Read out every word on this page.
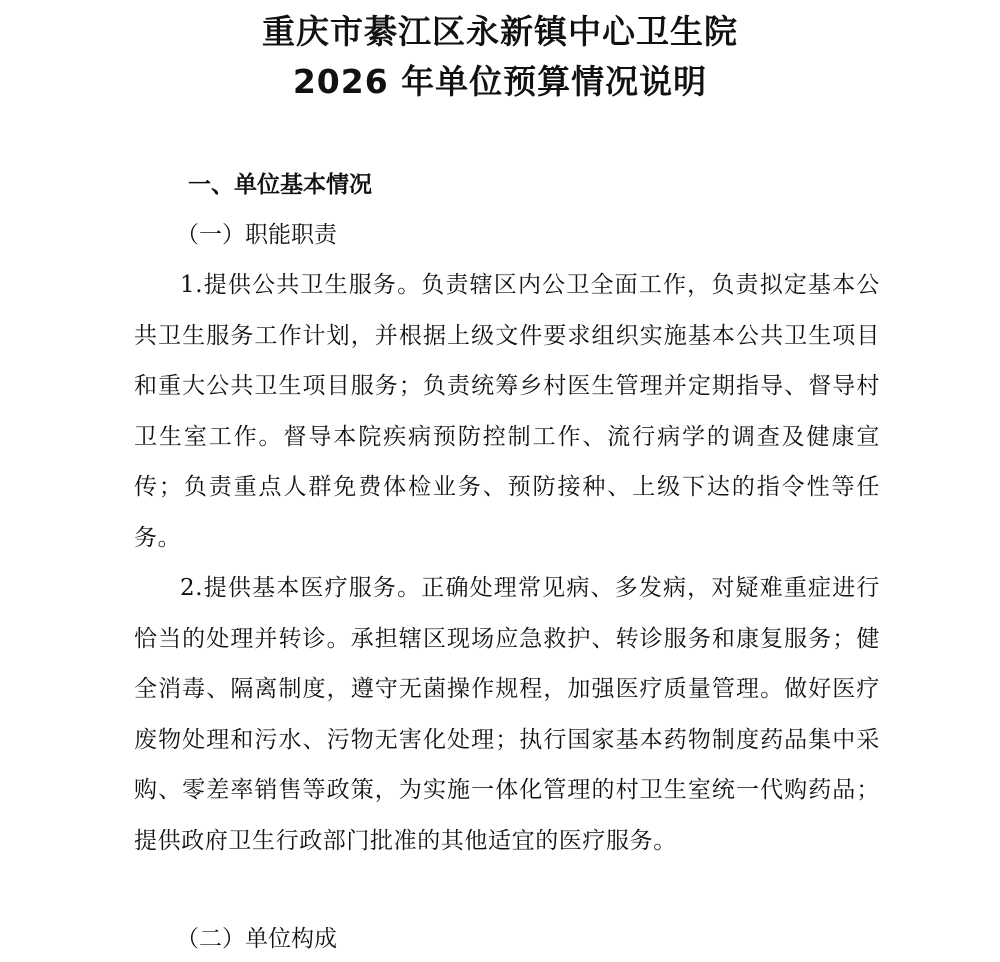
重庆市綦江区永新镇中心卫生院
2026 年单位预算情况说明
一、单位基本情况
（一）职能职责

1.提供公共卫生服务。负责辖区内公卫全面工作，负责拟定基本公共卫生服务工作计划，并根据上级文件要求组织实施基本公共卫生项目和重大公共卫生项目服务；负责统筹乡村医生管理并定期指导、督导村卫生室工作。督导本院疾病预防控制工作、流行病学的调查及健康宣传；负责重点人群免费体检业务、预防接种、上级下达的指令性等任务。

2.提供基本医疗服务。正确处理常见病、多发病，对疑难重症进行恰当的处理并转诊。承担辖区现场应急救护、转诊服务和康复服务；健全消毒、隔离制度，遵守无菌操作规程，加强医疗质量管理。做好医疗废物处理和污水、污物无害化处理；执行国家基本药物制度药品集中采购、零差率销售等政策，为实施一体化管理的村卫生室统一代购药品；提供政府卫生行政部门批准的其他适宜的医疗服务。

（二）单位构成
